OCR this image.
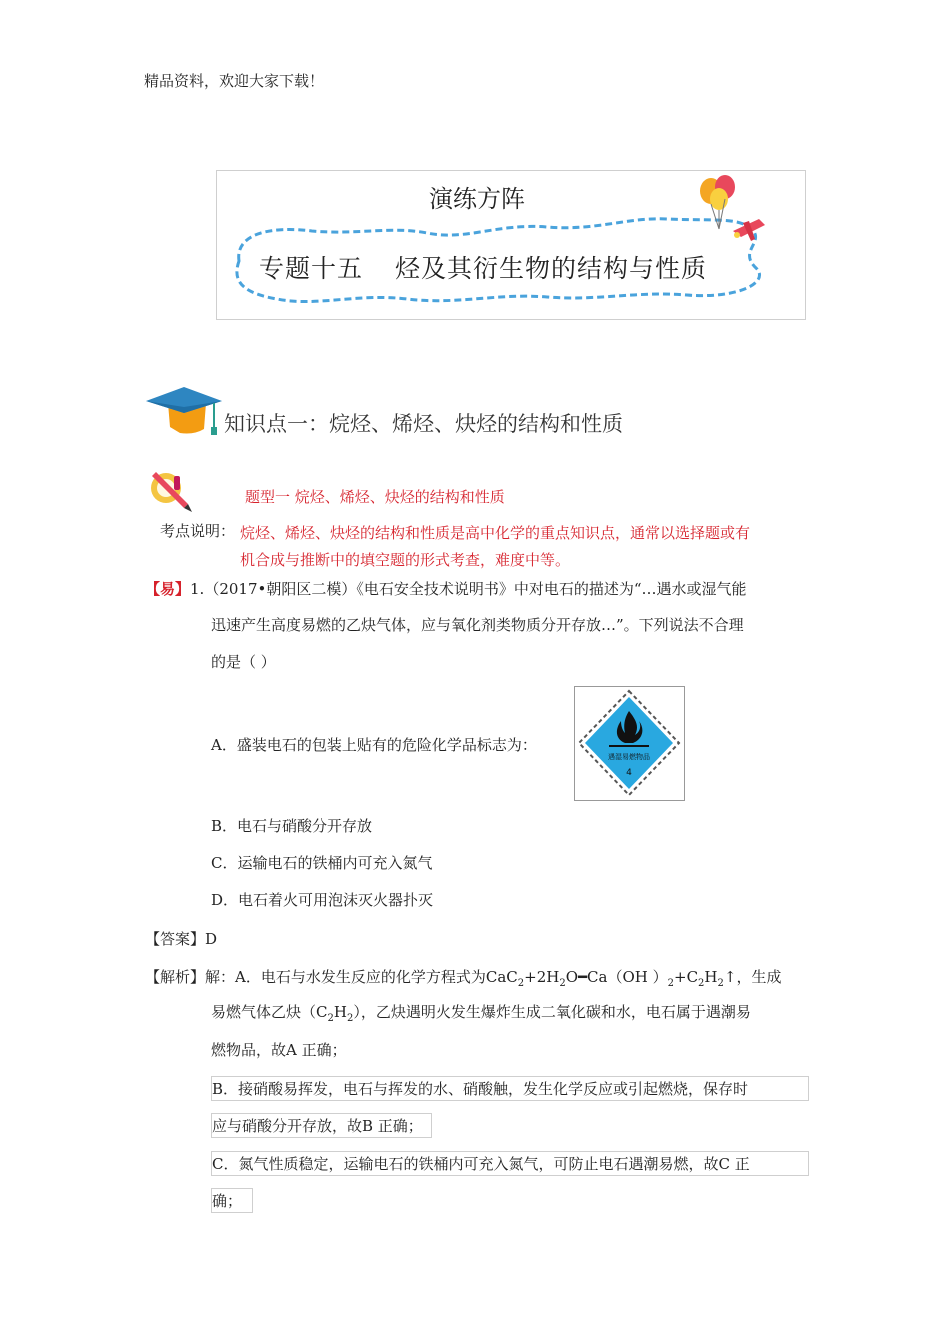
精品资料，欢迎大家下载！
演练方阵
专题十五 烃及其衍生物的结构与性质
知识点一：烷烃、烯烃、炔烃的结构和性质
题型一 烷烃、烯烃、炔烃的结构和性质
考点说明： 烷烃、烯烃、炔烃的结构和性质是高中化学的重点知识点，通常以选择题或有
机合成与推断中的填空题的形式考查，难度中等。
【易】1.（2017•朝阳区二模）《电石安全技术说明书》中对电石的描述为“…遇水或湿气能
迅速产生高度易燃的乙炔气体，应与氧化剂类物质分开存放…”。下列说法不合理
的是（ ）
A．盛装电石的包装上贴有的危险化学品标志为：
遇湿易燃物品
4
B．电石与硝酸分开存放
C．运输电石的铁桶内可充入氮气
D．电石着火可用泡沫灭火器扑灭
【答案】D
【解析】解：A．电石与水发生反应的化学方程式为$CaC_2+2H_2O━Ca(OH$ ）$_2+C_2H_2↑$，生成
易燃气体乙炔$(C_2H_2)$，乙炔遇明火发生爆炸生成二氧化碳和水，电石属于遇潮易
燃物品，故A 正确；
B．接硝酸易挥发，电石与挥发的水、硝酸触，发生化学反应或引起燃烧，保存时
应与硝酸分开存放，故B 正确；
C．氮气性质稳定，运输电石的铁桶内可充入氮气，可防止电石遇潮易燃，故C 正
确；
